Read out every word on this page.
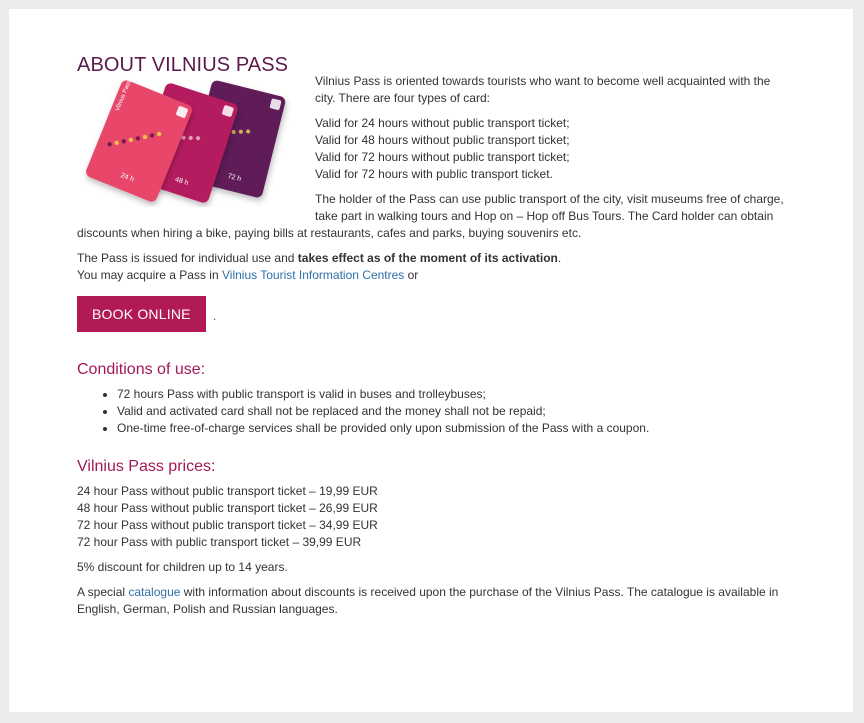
ABOUT VILNIUS PASS
72 h
48 h
Vilnius Pass
24 h

Vilnius Pass is oriented towards tourists who want to become well acquainted with the city. There are four types of card:

Valid for 24 hours without public transport ticket;
Valid for 48 hours without public transport ticket;
Valid for 72 hours without public transport ticket;
Valid for 72 hours with public transport ticket.

The holder of the Pass can use public transport of the city, visit museums free of charge, take part in walking tours and Hop on – Hop off Bus Tours. The Card holder can obtain discounts when hiring a bike, paying bills at restaurants, cafes and parks, buying souvenirs etc.

The Pass is issued for individual use and takes effect as of the moment of its activation.
You may acquire a Pass in Vilnius Tourist Information Centres or
BOOK ONLINE .
Conditions of use:
• 72 hours Pass with public transport is valid in buses and trolleybuses;
• Valid and activated card shall not be replaced and the money shall not be repaid;
• One-time free-of-charge services shall be provided only upon submission of the Pass with a coupon.
Vilnius Pass prices:
24 hour Pass without public transport ticket – 19,99 EUR
48 hour Pass without public transport ticket – 26,99 EUR
72 hour Pass without public transport ticket – 34,99 EUR
72 hour Pass with public transport ticket – 39,99 EUR

5% discount for children up to 14 years.

A special catalogue with information about discounts is received upon the purchase of the Vilnius Pass. The catalogue is available in English, German, Polish and Russian languages.
